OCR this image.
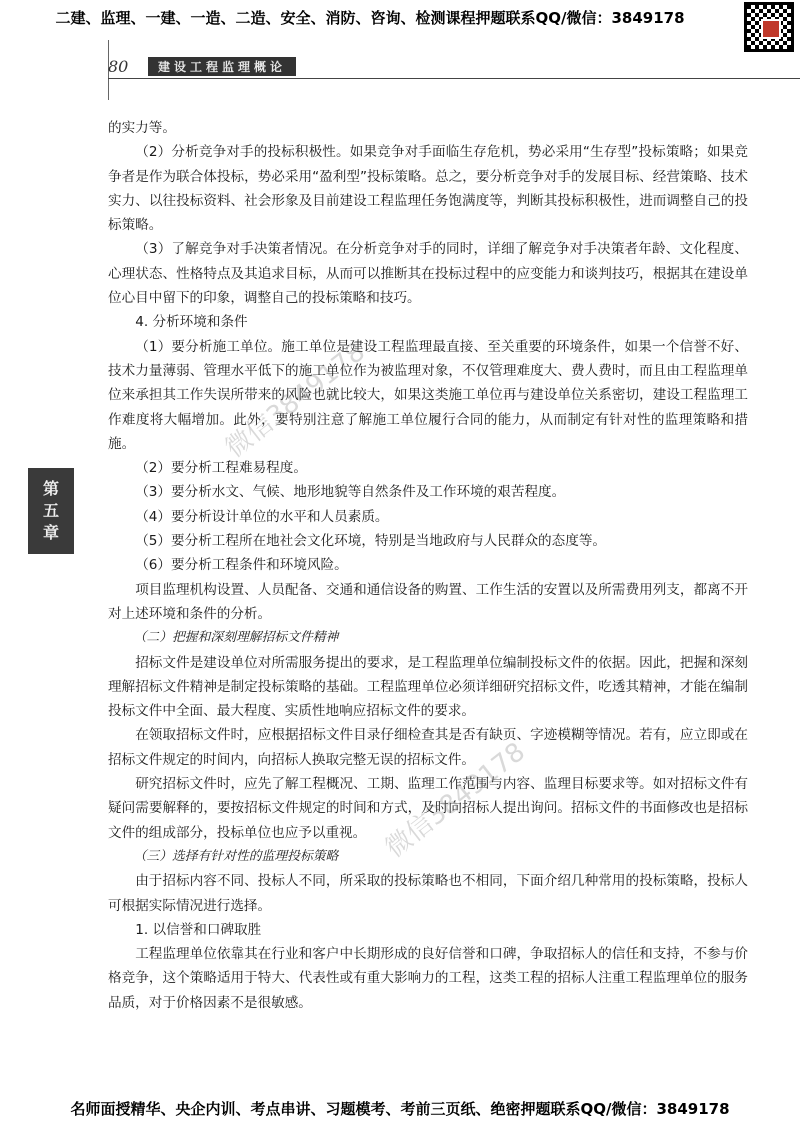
二建、监理、一建、一造、二造、安全、消防、咨询、检测课程押题联系QQ/微信：3849178
80	建设工程监理概论
第
五
章

的实力等。

（2）分析竞争对手的投标积极性。如果竞争对手面临生存危机，势必采用“生存型”投标策略；如果竞争者是作为联合体投标，势必采用“盈利型”投标策略。总之，要分析竞争对手的发展目标、经营策略、技术实力、以往投标资料、社会形象及目前建设工程监理任务饱满度等，判断其投标积极性，进而调整自己的投标策略。

（3）了解竞争对手决策者情况。在分析竞争对手的同时，详细了解竞争对手决策者年龄、文化程度、心理状态、性格特点及其追求目标，从而可以推断其在投标过程中的应变能力和谈判技巧，根据其在建设单位心目中留下的印象，调整自己的投标策略和技巧。

4. 分析环境和条件

（1）要分析施工单位。施工单位是建设工程监理最直接、至关重要的环境条件，如果一个信誉不好、技术力量薄弱、管理水平低下的施工单位作为被监理对象，不仅管理难度大、费人费时，而且由工程监理单位来承担其工作失误所带来的风险也就比较大，如果这类施工单位再与建设单位关系密切，建设工程监理工作难度将大幅增加。此外，要特别注意了解施工单位履行合同的能力，从而制定有针对性的监理策略和措施。

（2）要分析工程难易程度。

（3）要分析水文、气候、地形地貌等自然条件及工作环境的艰苦程度。

（4）要分析设计单位的水平和人员素质。

（5）要分析工程所在地社会文化环境，特别是当地政府与人民群众的态度等。

（6）要分析工程条件和环境风险。

项目监理机构设置、人员配备、交通和通信设备的购置、工作生活的安置以及所需费用列支，都离不开对上述环境和条件的分析。

（二）把握和深刻理解招标文件精神

招标文件是建设单位对所需服务提出的要求，是工程监理单位编制投标文件的依据。因此，把握和深刻理解招标文件精神是制定投标策略的基础。工程监理单位必须详细研究招标文件，吃透其精神，才能在编制投标文件中全面、最大程度、实质性地响应招标文件的要求。

在领取招标文件时，应根据招标文件目录仔细检查其是否有缺页、字迹模糊等情况。若有，应立即或在招标文件规定的时间内，向招标人换取完整无误的招标文件。

研究招标文件时，应先了解工程概况、工期、监理工作范围与内容、监理目标要求等。如对招标文件有疑问需要解释的，要按招标文件规定的时间和方式，及时向招标人提出询问。招标文件的书面修改也是招标文件的组成部分，投标单位也应予以重视。

（三）选择有针对性的监理投标策略

由于招标内容不同、投标人不同，所采取的投标策略也不相同，下面介绍几种常用的投标策略，投标人可根据实际情况进行选择。

1. 以信誉和口碑取胜

工程监理单位依靠其在行业和客户中长期形成的良好信誉和口碑，争取招标人的信任和支持，不参与价格竞争，这个策略适用于特大、代表性或有重大影响力的工程，这类工程的招标人注重工程监理单位的服务品质，对于价格因素不是很敏感。

微信3849178
微信3849178
名师面授精华、央企内训、考点串讲、习题模考、考前三页纸、绝密押题联系QQ/微信：3849178
